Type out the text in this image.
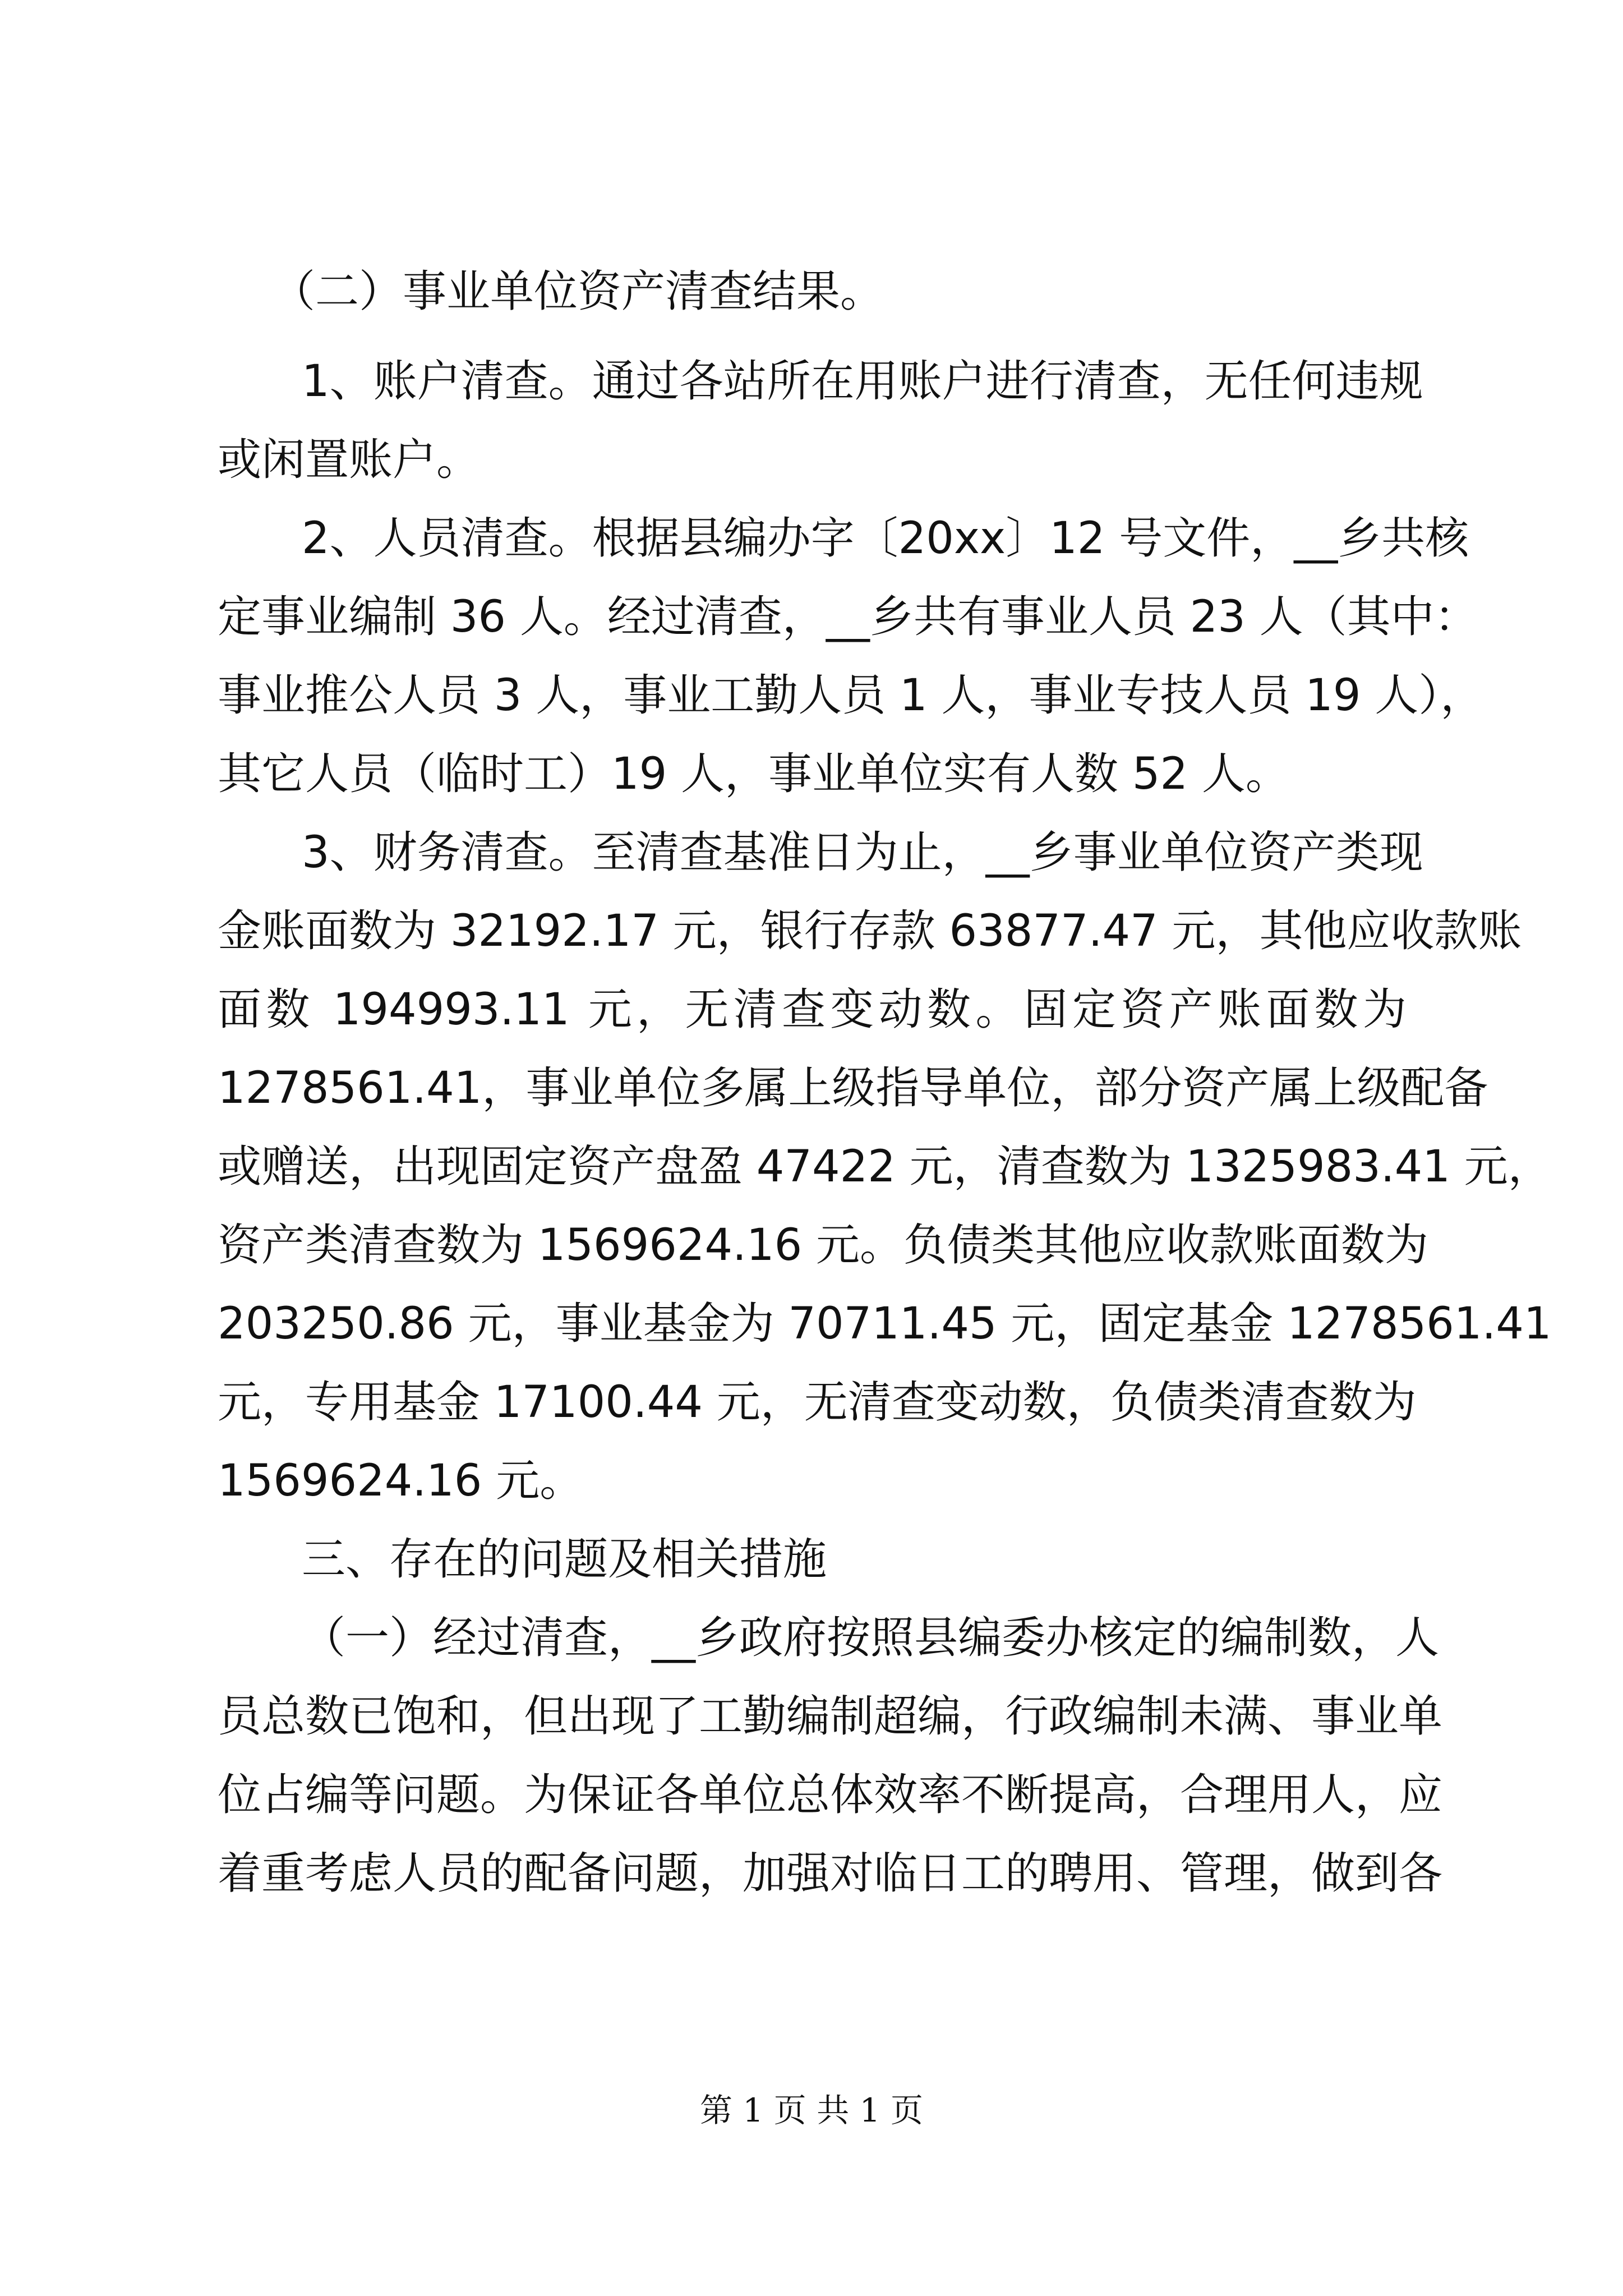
（二）事业单位资产清查结果。
1、账户清查。通过各站所在用账户进行清查，无任何违规
或闲置账户。
2、人员清查。根据县编办字〔20xx〕12 号文件，__乡共核
定事业编制 36 人。经过清查，__乡共有事业人员 23 人（其中：
事业推公人员 3 人，事业工勤人员 1 人，事业专技人员 19 人），
其它人员（临时工）19 人，事业单位实有人数 52 人。
3、财务清查。至清查基准日为止，__乡事业单位资产类现
金账面数为 32192.17 元，银行存款 63877.47 元，其他应收款账
面数 194993.11 元，无清查变动数。固定资产账面数为
1278561.41，事业单位多属上级指导单位，部分资产属上级配备
或赠送，出现固定资产盘盈 47422 元，清查数为 1325983.41 元，
资产类清查数为 1569624.16 元。负债类其他应收款账面数为
203250.86 元，事业基金为 70711.45 元，固定基金 1278561.41
元，专用基金 17100.44 元，无清查变动数，负债类清查数为
1569624.16 元。
三、存在的问题及相关措施
（一）经过清查，__乡政府按照县编委办核定的编制数，人
员总数已饱和，但出现了工勤编制超编，行政编制未满、事业单
位占编等问题。为保证各单位总体效率不断提高，合理用人，应
着重考虑人员的配备问题，加强对临日工的聘用、管理，做到各
第 1 页 共 1 页
